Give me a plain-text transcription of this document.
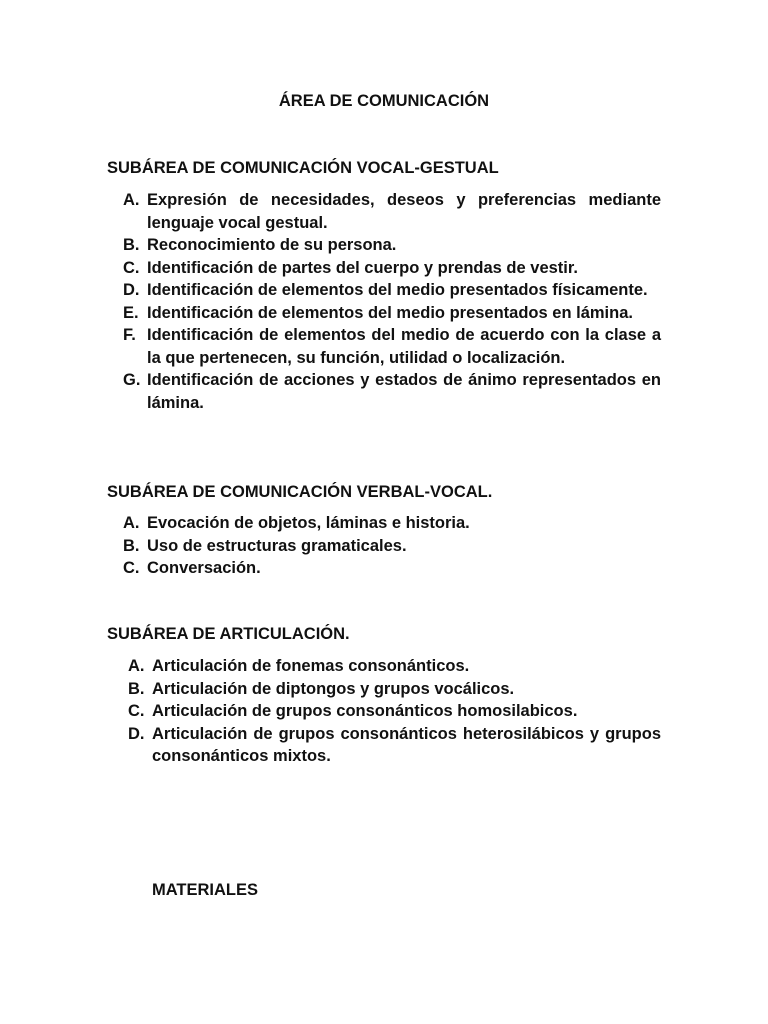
ÁREA DE COMUNICACIÓN
SUBÁREA DE COMUNICACIÓN VOCAL-GESTUAL
A. Expresión de necesidades, deseos y preferencias mediante lenguaje vocal gestual.
B. Reconocimiento de su persona.
C. Identificación de partes del cuerpo y prendas de vestir.
D. Identificación de elementos del medio presentados físicamente.
E. Identificación de elementos del medio presentados en lámina.
F. Identificación de elementos del medio de acuerdo con la clase a la que pertenecen, su función, utilidad o localización.
G. Identificación de acciones y estados de ánimo representados en lámina.
SUBÁREA DE COMUNICACIÓN VERBAL-VOCAL.
A. Evocación de objetos, láminas e historia.
B. Uso de estructuras gramaticales.
C. Conversación.
SUBÁREA DE ARTICULACIÓN.
A. Articulación de fonemas consonánticos.
B. Articulación de diptongos y grupos vocálicos.
C. Articulación de grupos consonánticos homosilabicos.
D. Articulación de grupos consonánticos heterosilábicos y grupos consonánticos mixtos.
MATERIALES
